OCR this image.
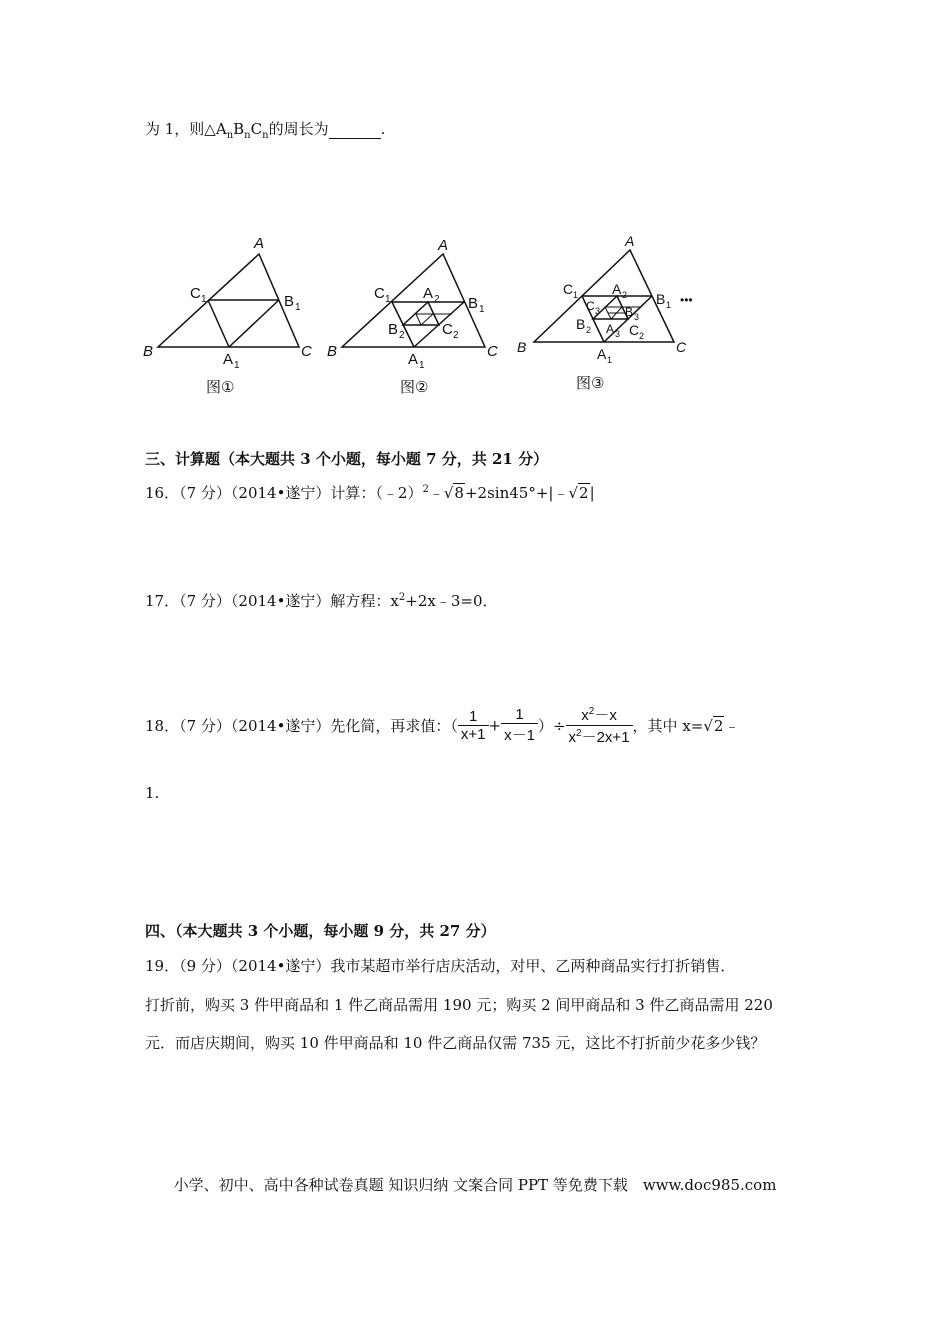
为 1，则$\triangle A_nB_nC_n$的周长为	.
A
B	C
C 1	B 1
A 1
图①
A
B	C
C 1	B 1
A 2
B 2 C 2
A 1
图②
A
B	C
C 1	B 1
A 2
C 3 B 3
B 2 A 3 C 2
A 1
•••
图③
三、计算题（本大题共 3 个小题，每小题 7 分，共 21 分）
16．（7 分）（2014•遂宁）计算：（﹣2）$^2$﹣√8+2sin45°+|﹣√2|
17．（7 分）（2014•遂宁）解方程：$x^2+2x﹣3=0$．
18．（7 分）（2014•遂宁）先化简，再求值：（ $\frac{1}{x+1} + \frac{1}{x-1}$ ）÷ $\frac{x^2-x}{x^2-2x+1}$ ，其中 x=√2﹣
1.
四、（本大题共 3 个小题，每小题 9 分，共 27 分）
19．（9 分）（2014•遂宁）我市某超市举行店庆活动，对甲、乙两种商品实行打折销售．
打折前，购买 3 件甲商品和 1 件乙商品需用 190 元；购买 2 间甲商品和 3 件乙商品需用 220
元．而店庆期间，购买 10 件甲商品和 10 件乙商品仅需 735 元，这比不打折前少花多少钱？
小学、初中、高中各种试卷真题 知识归纳 文案合同 PPT 等免费下载　www.doc985.com
